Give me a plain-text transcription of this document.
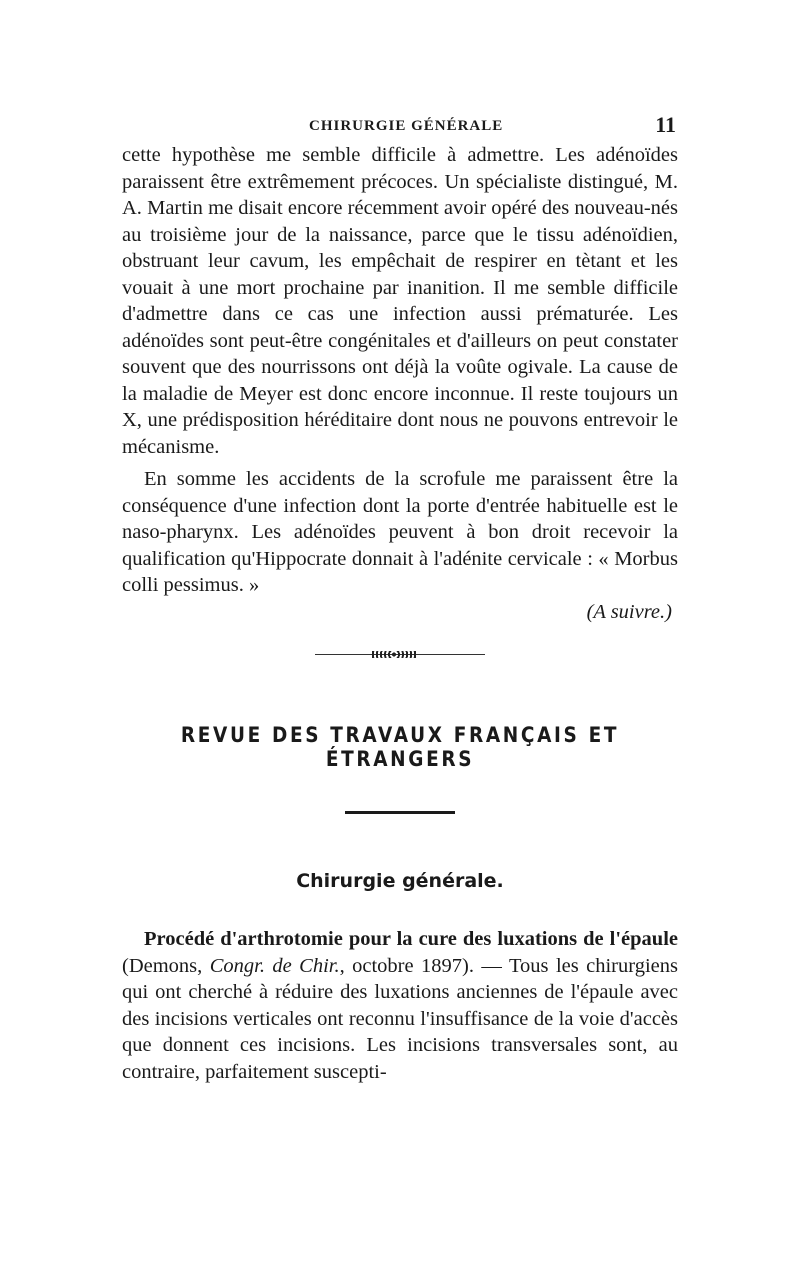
CHIRURGIE GÉNÉRALE	11

cette hypothèse me semble difficile à admettre. Les adénoïdes paraissent être extrêmement précoces. Un spécialiste distingué, M. A. Martin me disait encore récemment avoir opéré des nouveau-nés au troisième jour de la naissance, parce que le tissu adénoïdien, obstruant leur cavum, les empêchait de respirer en tètant et les vouait à une mort prochaine par inanition. Il me semble difficile d'admettre dans ce cas une infection aussi prématurée. Les adénoïdes sont peut-être congénitales et d'ailleurs on peut constater souvent que des nourrissons ont déjà la voûte ogivale. La cause de la maladie de Meyer est donc encore inconnue. Il reste toujours un X, une prédisposition héréditaire dont nous ne pouvons entrevoir le mécanisme.

En somme les accidents de la scrofule me paraissent être la conséquence d'une infection dont la porte d'entrée habituelle est le naso-pharynx. Les adénoïdes peuvent à bon droit recevoir la qualification qu'Hippocrate donnait à l'adénite cervicale : « Morbus colli pessimus. »

(A suivre.)
REVUE DES TRAVAUX FRANÇAIS ET ÉTRANGERS
Chirurgie générale.

Procédé d'arthrotomie pour la cure des luxations de l'épaule (Demons, Congr. de Chir., octobre 1897). — Tous les chirurgiens qui ont cherché à réduire des luxations anciennes de l'épaule avec des incisions verticales ont reconnu l'insuffisance de la voie d'accès que donnent ces incisions. Les incisions transversales sont, au contraire, parfaitement suscepti-
